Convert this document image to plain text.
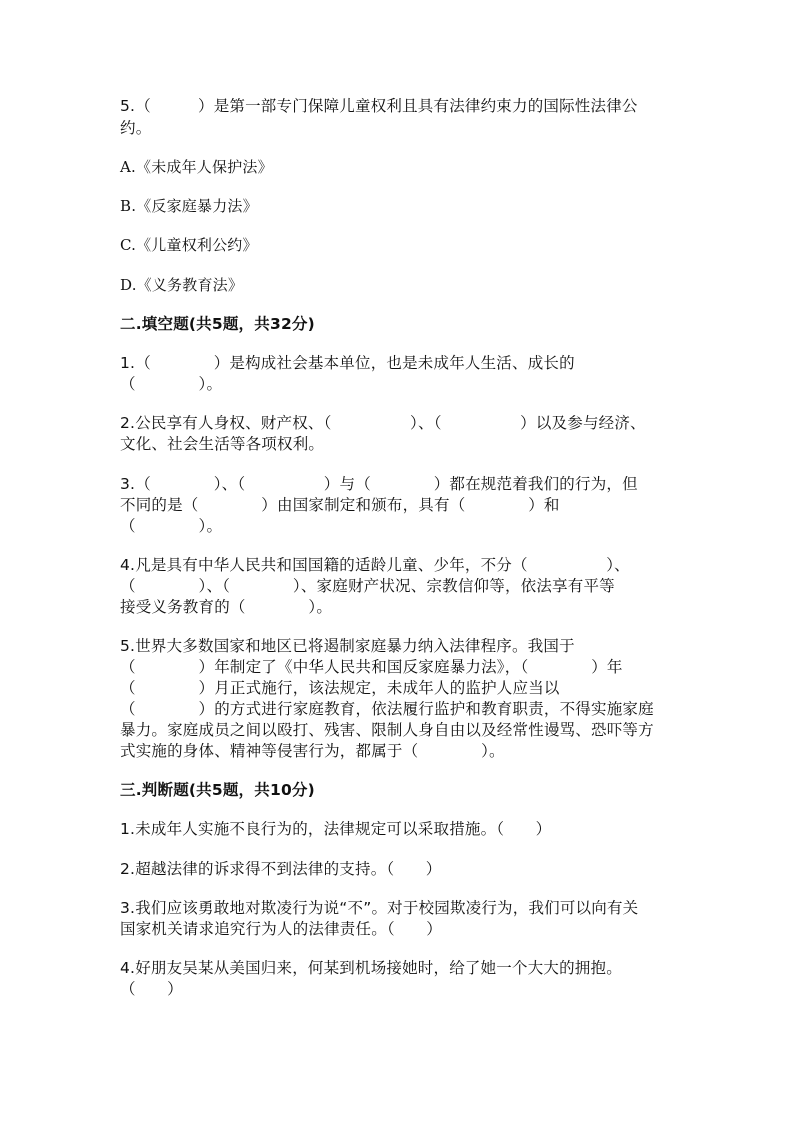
5.（　　　）是第一部专门保障儿童权利且具有法律约束力的国际性法律公
约。
A.《未成年人保护法》
B.《反家庭暴力法》
C.《儿童权利公约》
D.《义务教育法》
二.填空题(共5题，共32分)
1.（　　　　）是构成社会基本单位，也是未成年人生活、成长的
（　　　　）。
2.公民享有人身权、财产权、（　　　　　）、（　　　　　）以及参与经济、
文化、社会生活等各项权利。
3.（　　　　）、（　　　　　）与（　　　　）都在规范着我们的行为，但
不同的是（　　　　）由国家制定和颁布，具有（　　　　）和
（　　　　）。
4.凡是具有中华人民共和国国籍的适龄儿童、少年，不分（　　　　　）、
（　　　　）、（　　　　）、家庭财产状况、宗教信仰等，依法享有平等
接受义务教育的（　　　　）。
5.世界大多数国家和地区已将遏制家庭暴力纳入法律程序。我国于
（　　　　）年制定了《中华人民共和国反家庭暴力法》，（　　　　）年
（　　　　）月正式施行，该法规定，未成年人的监护人应当以
（　　　　）的方式进行家庭教育，依法履行监护和教育职责，不得实施家庭
暴力。家庭成员之间以殴打、残害、限制人身自由以及经常性谩骂、恐吓等方
式实施的身体、精神等侵害行为，都属于（　　　　）。
三.判断题(共5题，共10分)
1.未成年人实施不良行为的，法律规定可以采取措施。（　　）
2.超越法律的诉求得不到法律的支持。（　　）
3.我们应该勇敢地对欺凌行为说“不”。对于校园欺凌行为，我们可以向有关
国家机关请求追究行为人的法律责任。（　　）
4.好朋友吴某从美国归来，何某到机场接她时，给了她一个大大的拥抱。
（　　）
